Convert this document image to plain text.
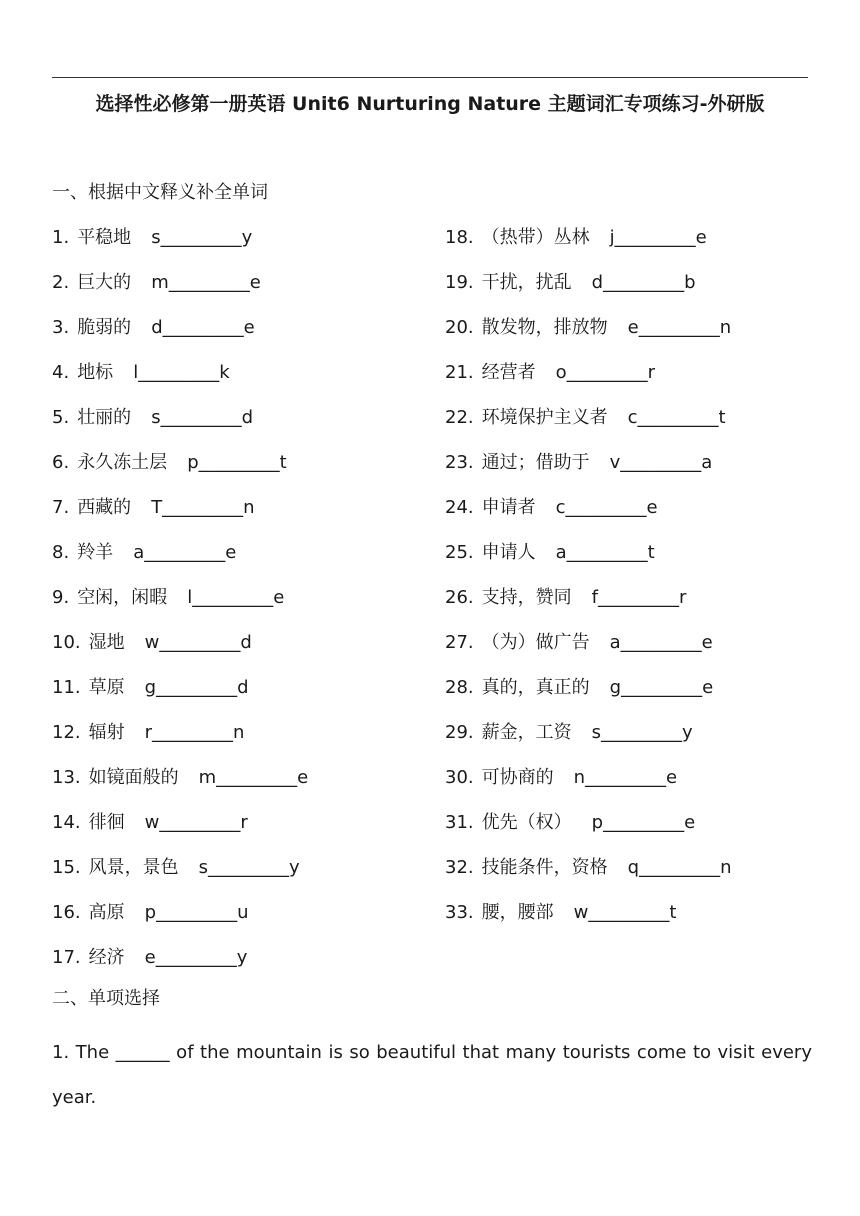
选择性必修第一册英语 Unit6 Nurturing Nature 主题词汇专项练习-外研版
一、根据中文释义补全单词
1. 平稳地 s_________y
2. 巨大的 m_________e
3. 脆弱的 d_________e
4. 地标 l_________k
5. 壮丽的 s_________d
6. 永久冻土层 p_________t
7. 西藏的 T_________n
8. 羚羊 a_________e
9. 空闲，闲暇 l_________e
10. 湿地 w_________d
11. 草原 g_________d
12. 辐射 r_________n
13. 如镜面般的 m_________e
14. 徘徊 w_________r
15. 风景，景色 s_________y
16. 高原 p_________u
17. 经济 e_________y
18. （热带）丛林 j_________e
19. 干扰，扰乱 d_________b
20. 散发物，排放物 e_________n
21. 经营者 o_________r
22. 环境保护主义者 c_________t
23. 通过；借助于 v_________a
24. 申请者 c_________e
25. 申请人 a_________t
26. 支持，赞同 f_________r
27. （为）做广告 a_________e
28. 真的，真正的 g_________e
29. 薪金，工资 s_________y
30. 可协商的 n_________e
31. 优先（权） p_________e
32. 技能条件，资格 q_________n
33. 腰，腰部 w_________t
二、单项选择
1. The ______ of the mountain is so beautiful that many tourists come to visit every year.
